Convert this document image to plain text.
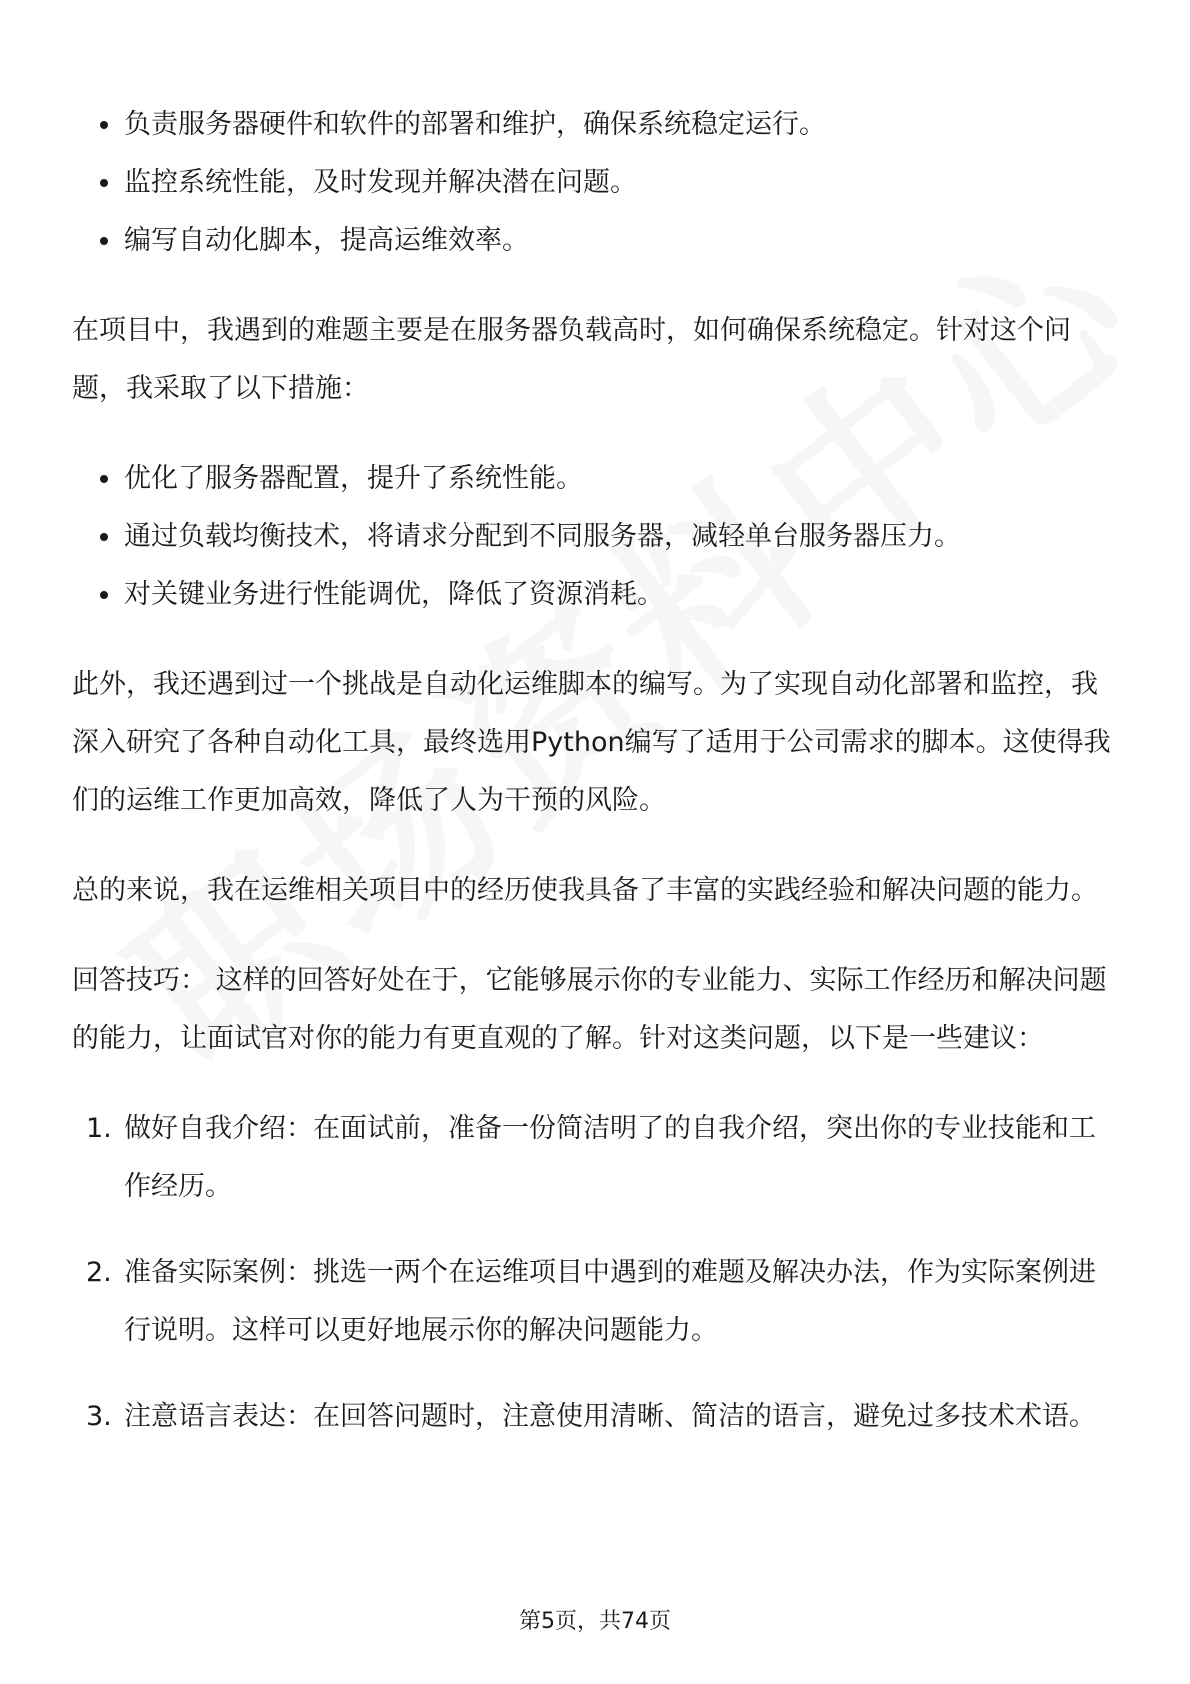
负责服务器硬件和软件的部署和维护，确保系统稳定运行。
监控系统性能，及时发现并解决潜在问题。
编写自动化脚本，提高运维效率。

在项目中，我遇到的难题主要是在服务器负载高时，如何确保系统稳定。针对这个问题，我采取了以下措施：

优化了服务器配置，提升了系统性能。
通过负载均衡技术，将请求分配到不同服务器，减轻单台服务器压力。
对关键业务进行性能调优，降低了资源消耗。

此外，我还遇到过一个挑战是自动化运维脚本的编写。为了实现自动化部署和监控，我深入研究了各种自动化工具，最终选用Python编写了适用于公司需求的脚本。这使得我们的运维工作更加高效，降低了人为干预的风险。

总的来说，我在运维相关项目中的经历使我具备了丰富的实践经验和解决问题的能力。

回答技巧： 这样的回答好处在于，它能够展示你的专业能力、实际工作经历和解决问题的能力，让面试官对你的能力有更直观的了解。针对这类问题，以下是一些建议：

1. 做好自我介绍：在面试前，准备一份简洁明了的自我介绍，突出你的专业技能和工作经历。
2. 准备实际案例：挑选一两个在运维项目中遇到的难题及解决办法，作为实际案例进行说明。这样可以更好地展示你的解决问题能力。
3. 注意语言表达：在回答问题时，注意使用清晰、简洁的语言，避免过多技术术语。
第5页，共74页
